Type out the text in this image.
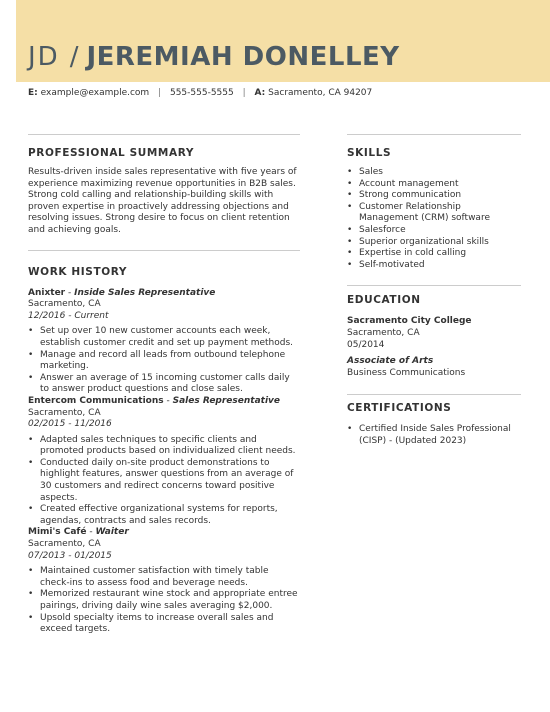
JD / JEREMIAH DONELLEY
E: example@example.com | 555-555-5555 | A: Sacramento, CA 94207
PROFESSIONAL SUMMARY
Results-driven inside sales representative with five years of experience maximizing revenue opportunities in B2B sales. Strong cold calling and relationship-building skills with proven expertise in proactively addressing objections and resolving issues. Strong desire to focus on client retention and achieving goals.
WORK HISTORY
Anixter - Inside Sales Representative
Sacramento, CA
12/2016 - Current
• Set up over 10 new customer accounts each week, establish customer credit and set up payment methods.
• Manage and record all leads from outbound telephone marketing.
• Answer an average of 15 incoming customer calls daily to answer product questions and close sales.
Entercom Communications - Sales Representative
Sacramento, CA
02/2015 - 11/2016
• Adapted sales techniques to specific clients and promoted products based on individualized client needs.
• Conducted daily on-site product demonstrations to highlight features, answer questions from an average of 30 customers and redirect concerns toward positive aspects.
• Created effective organizational systems for reports, agendas, contracts and sales records.
Mimi's Café - Waiter
Sacramento, CA
07/2013 - 01/2015
• Maintained customer satisfaction with timely table check-ins to assess food and beverage needs.
• Memorized restaurant wine stock and appropriate entree pairings, driving daily wine sales averaging $2,000.
• Upsold specialty items to increase overall sales and exceed targets.
SKILLS
• Sales
• Account management
• Strong communication
• Customer Relationship Management (CRM) software
• Salesforce
• Superior organizational skills
• Expertise in cold calling
• Self-motivated
EDUCATION
Sacramento City College
Sacramento, CA
05/2014
Associate of Arts
Business Communications
CERTIFICATIONS
• Certified Inside Sales Professional (CISP) - (Updated 2023)
